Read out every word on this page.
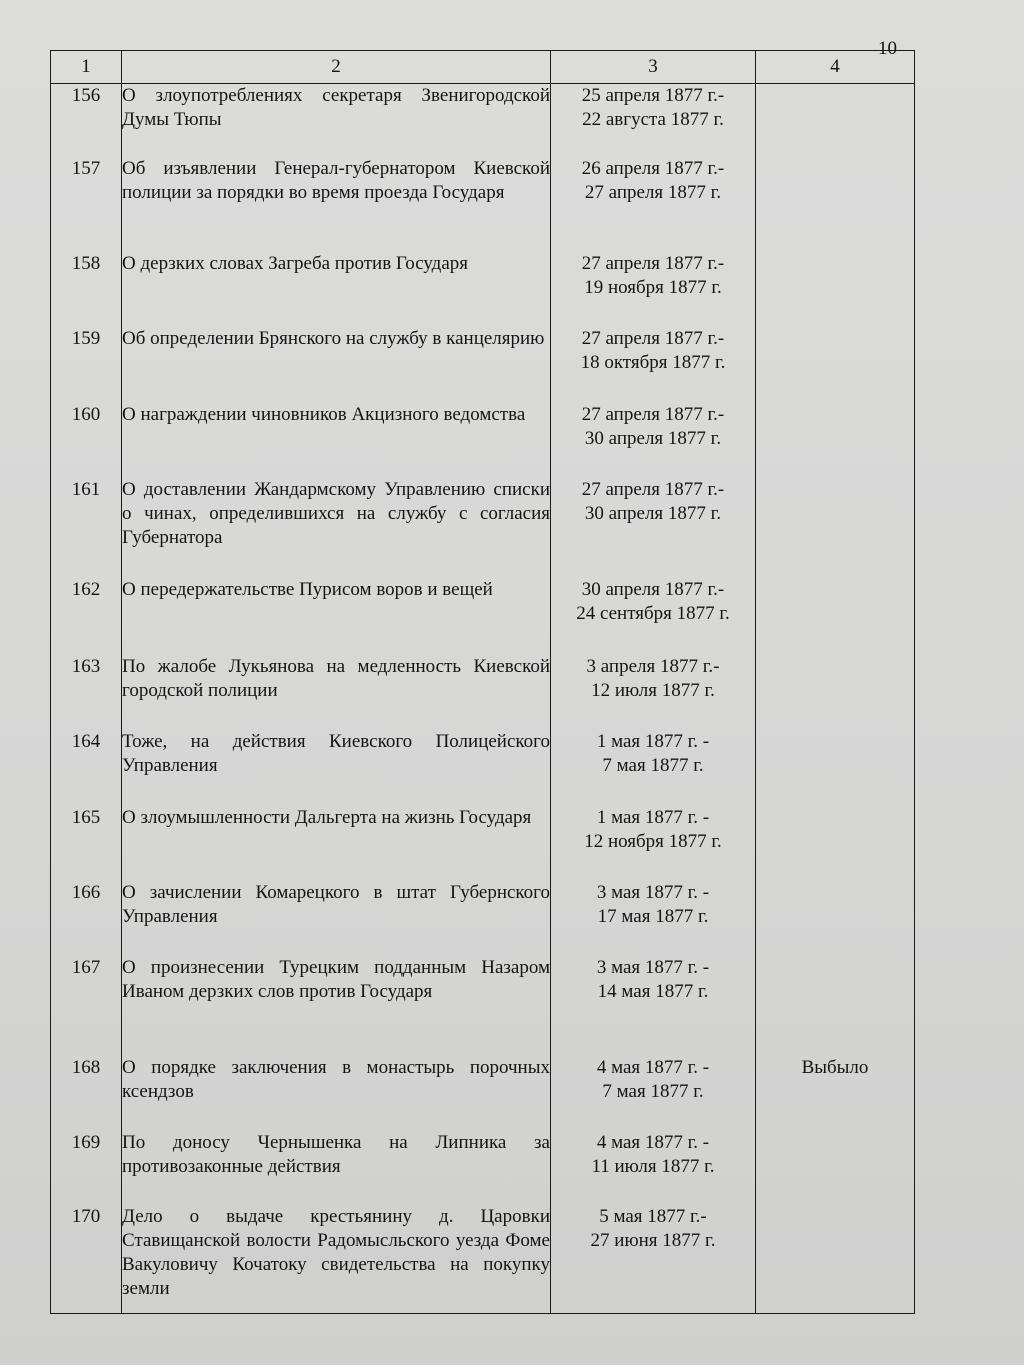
10
1	2	3	4
156	О злоупотреблениях секретаря Звенигородской Думы Тюпы	25 апреля 1877 г.-
22 августа 1877 г.	

157	Об изъявлении Генерал-губернатором Киевской полиции за порядки во время проезда Государя	26 апреля 1877 г.-
27 апреля 1877 г.	

158	О дерзких словах Загреба против Государя	27 апреля 1877 г.-
19 ноября 1877 г.	

159	Об определении Брянского на службу в канцелярию	27 апреля 1877 г.-
18 октября 1877 г.	

160	О награждении чиновников Акцизного ведомства	27 апреля 1877 г.-
30 апреля 1877 г.	

161	О доставлении Жандармскому Управлению списки о чинах, определившихся на службу с согласия Губернатора	27 апреля 1877 г.-
30 апреля 1877 г.	

162	О передержательстве Пурисом воров и вещей	30 апреля 1877 г.-
24 сентября 1877 г.	

163	По жалобе Лукьянова на медленность Киевской городской полиции	3 апреля 1877 г.-
12 июля 1877 г.	

164	Тоже, на действия Киевского Полицейского Управления	1 мая 1877 г. -
7 мая 1877 г.	

165	О злоумышленности Дальгерта на жизнь Государя	1 мая 1877 г. -
12 ноября 1877 г.	

166	О зачислении Комарецкого в штат Губернского Управления	3 мая 1877 г. -
17 мая 1877 г.	

167	О произнесении Турецким подданным Назаром Иваном дерзких слов против Государя	3 мая 1877 г. -
14 мая 1877 г.	

168	О порядке заключения в монастырь порочных ксендзов	4 мая 1877 г. -
7 мая 1877 г.	Выбыло
169	По доносу Чернышенка на Липника за противозаконные действия	4 мая 1877 г. -
11 июля 1877 г.	

170	Дело о выдаче крестьянину д. Царовки Ставищанской волости Радомысльского уезда Фоме Вакуловичу Кочатоку свидетельства на покупку земли	5 мая 1877 г.-
27 июня 1877 г.	
